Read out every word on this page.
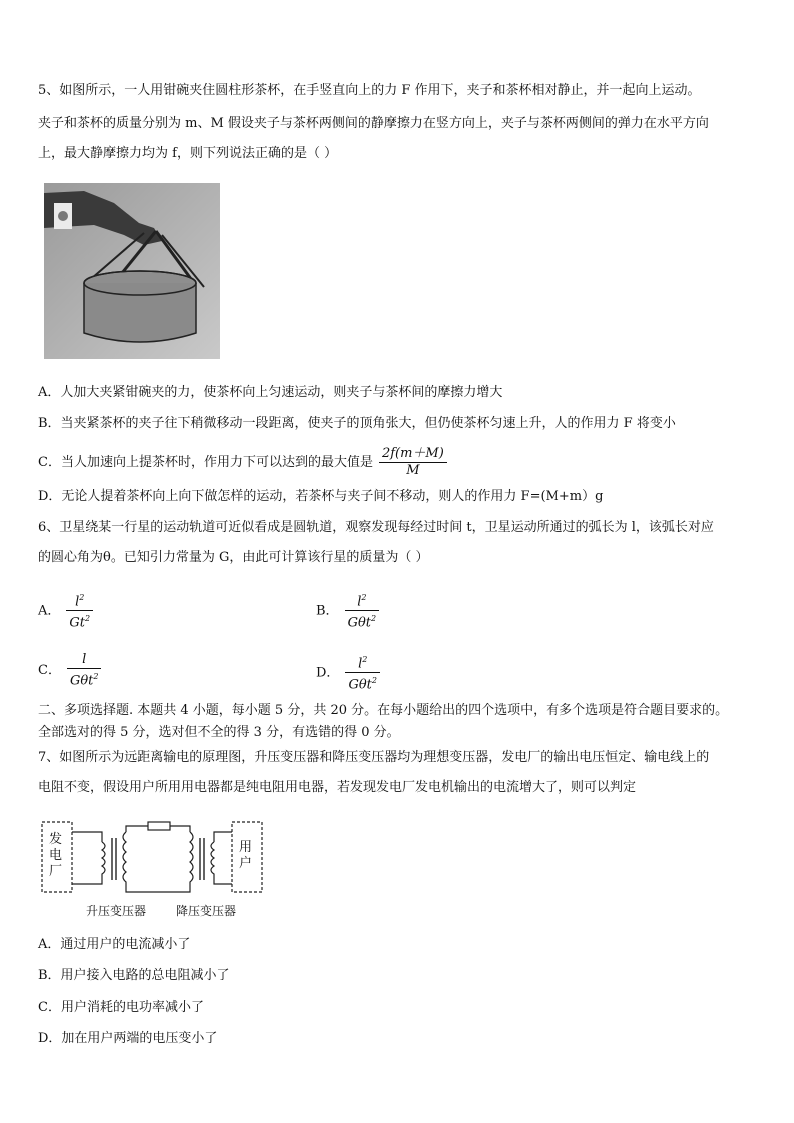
5、如图所示，一人用钳碗夹住圆柱形茶杯，在手竖直向上的力 F 作用下，夹子和茶杯相对静止，并一起向上运动。
夹子和茶杯的质量分别为 m、M 假设夹子与茶杯两侧间的静摩擦力在竖方向上，夹子与茶杯两侧间的弹力在水平方向
上，最大静摩擦力均为 f，则下列说法正确的是（ ）
A．人加大夹紧钳碗夹的力，使茶杯向上匀速运动，则夹子与茶杯间的摩擦力增大
B．当夹紧茶杯的夹子往下稍微移动一段距离，使夹子的顶角张大，但仍使茶杯匀速上升，人的作用力 F 将变小
C．当人加速向上提茶杯时，作用力下可以达到的最大值是 $\frac{2f(m+M)}{M}$
D．无论人提着茶杯向上向下做怎样的运动，若茶杯与夹子间不移动，则人的作用力 F=(M+m）g
6、卫星绕某一行星的运动轨道可近似看成是圆轨道，观察发现每经过时间 t，卫星运动所通过的弧长为 l，该弧长对应
的圆心角为θ。已知引力常量为 G，由此可计算该行星的质量为（ ）
A． $\frac{l^2}{Gt^2}$	B． $\frac{l^2}{G\theta t^2}$
C． $\frac{l}{G\theta t^2}$	D． $\frac{l^2}{G\theta t^2}$
二、多项选择题. 本题共 4 小题，每小题 5 分，共 20 分。在每小题给出的四个选项中，有多个选项是符合题目要求的。
全部选对的得 5 分，选对但不全的得 3 分，有选错的得 0 分。
7、如图所示为远距离输电的原理图，升压变压器和降压变压器均为理想变压器，发电厂的输出电压恒定、输电线上的
电阻不变，假设用户所用用电器都是纯电阻用电器，若发现发电厂发电机输出的电流增大了，则可以判定
发电厂
用户
升压变压器 降压变压器
A．通过用户的电流减小了
B．用户接入电路的总电阻减小了
C．用户消耗的电功率减小了
D．加在用户两端的电压变小了
